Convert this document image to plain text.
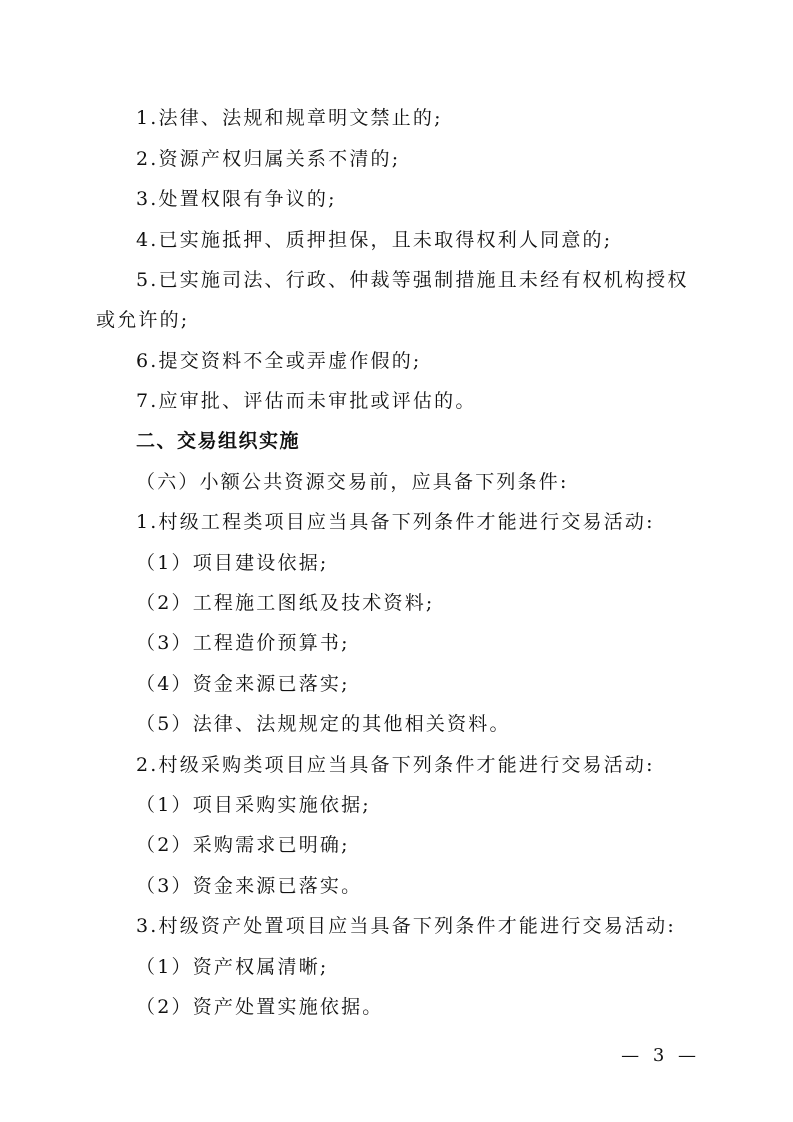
1.法律、法规和规章明文禁止的;
2.资源产权归属关系不清的;
3.处置权限有争议的;
4.已实施抵押、质押担保，且未取得权利人同意的;
5.已实施司法、行政、仲裁等强制措施且未经有权机构授权
或允许的;
6.提交资料不全或弄虚作假的;
7.应审批、评估而未审批或评估的。
二、交易组织实施
（六）小额公共资源交易前，应具备下列条件:
1.村级工程类项目应当具备下列条件才能进行交易活动:
（1）项目建设依据;
（2）工程施工图纸及技术资料;
（3）工程造价预算书;
（4）资金来源已落实;
（5）法律、法规规定的其他相关资料。
2.村级采购类项目应当具备下列条件才能进行交易活动:
（1）项目采购实施依据;
（2）采购需求已明确;
（3）资金来源已落实。
3.村级资产处置项目应当具备下列条件才能进行交易活动:
（1）资产权属清晰;
（2）资产处置实施依据。
— 3 —
